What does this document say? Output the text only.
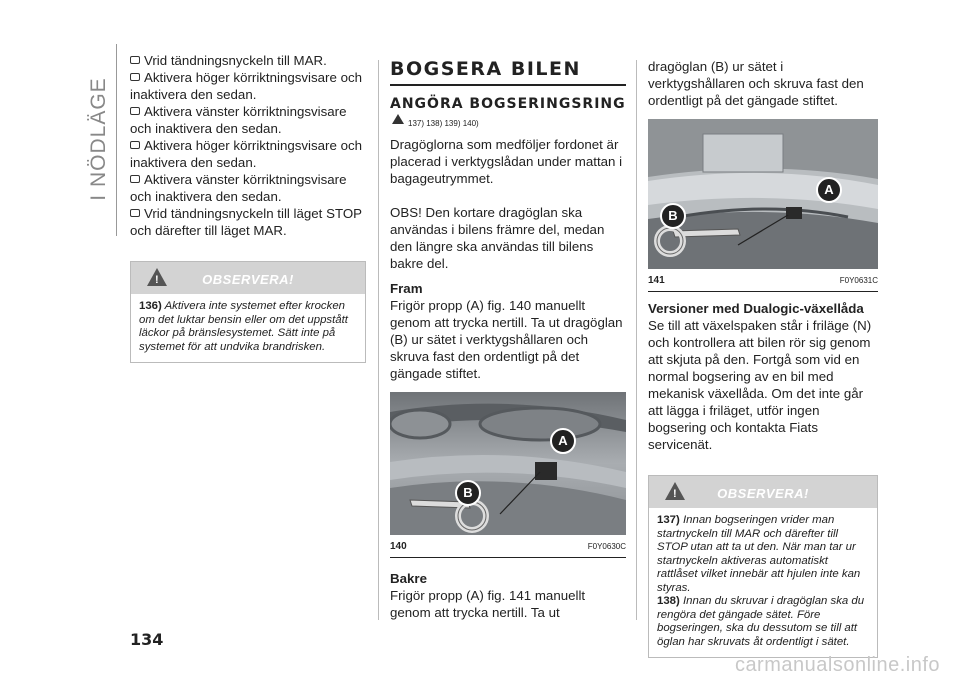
I NÖDLÄGE

Vrid tändningsnyckeln till MAR.

Aktivera höger körriktningsvisare och inaktivera den sedan.

Aktivera vänster körriktningsvisare och inaktivera den sedan.

Aktivera höger körriktningsvisare och inaktivera den sedan.

Aktivera vänster körriktningsvisare och inaktivera den sedan.

Vrid tändningsnyckeln till läget STOP och därefter till läget MAR.

!
OBSERVERA!

136) Aktivera inte systemet efter krocken om det luktar bensin eller om det uppstått läckor på bränslesystemet. Sätt inte på systemet för att undvika brandrisken.

BOGSERA BILEN
ANGÖRA BOGSERINGSRING
137) 138) 139) 140)

Dragöglorna som medföljer fordonet är placerad i verktygslådan under mattan i bagageutrymmet.

OBS! Den kortare dragöglan ska användas i bilens främre del, medan den längre ska användas till bilens bakre del.

Fram

Frigör propp (A) fig. 140 manuellt genom att trycka nertill. Ta ut dragöglan (B) ur sätet i verktygshållaren och skruva fast den ordentligt på det gängade stiftet.

A
B
140	F0Y0630C
Bakre

Frigör propp (A) fig. 141 manuellt genom att trycka nertill. Ta ut

dragöglan (B) ur sätet i verktygshållaren och skruva fast den ordentligt på det gängade stiftet.

A
B
141	F0Y0631C
Versioner med Dualogic-växellåda

Se till att växelspaken står i friläge (N) och kontrollera att bilen rör sig genom att skjuta på den. Fortgå som vid en normal bogsering av en bil med mekanisk växellåda. Om det inte går att lägga i friläget, utför ingen bogsering och kontakta Fiats servicenät.

!
OBSERVERA!

137) Innan bogseringen vrider man startnyckeln till MAR och därefter till STOP utan att ta ut den. När man tar ur startnyckeln aktiveras automatiskt rattlåset vilket innebär att hjulen inte kan styras.

138) Innan du skruvar i dragöglan ska du rengöra det gängade sätet. Före bogseringen, ska du dessutom se till att öglan har skruvats åt ordentligt i sätet.

134
carmanualsonline.info
